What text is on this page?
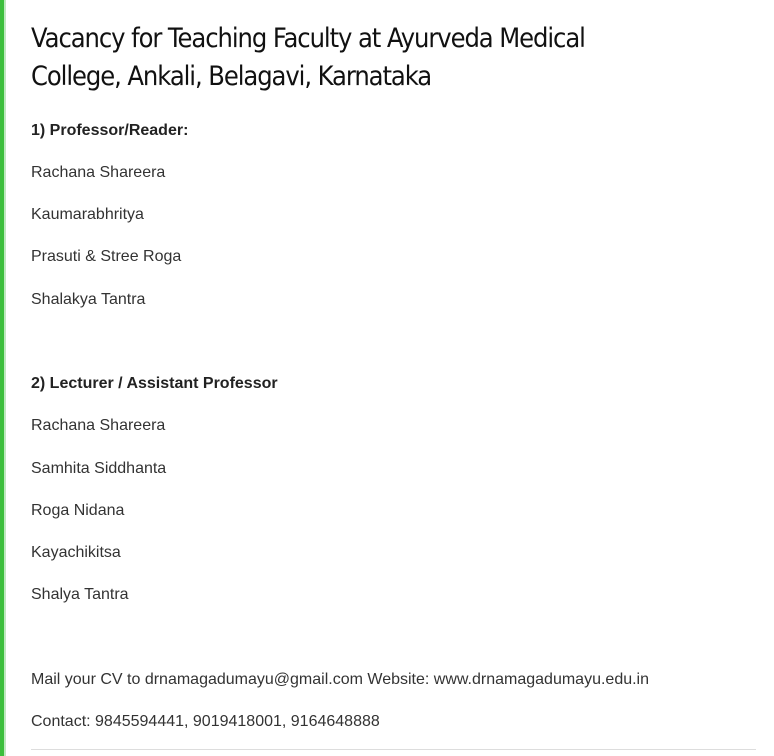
Vacancy for Teaching Faculty at Ayurveda Medical College, Ankali, Belagavi, Karnataka
1) Professor/Reader:
Rachana Shareera
Kaumarabhritya
Prasuti & Stree Roga
Shalakya Tantra
2) Lecturer / Assistant Professor
Rachana Shareera
Samhita Siddhanta
Roga Nidana
Kayachikitsa
Shalya Tantra
Mail your CV to drnamagadumayu@gmail.com Website: www.drnamagadumayu.edu.in
Contact: 9845594441, 9019418001, 9164648888
